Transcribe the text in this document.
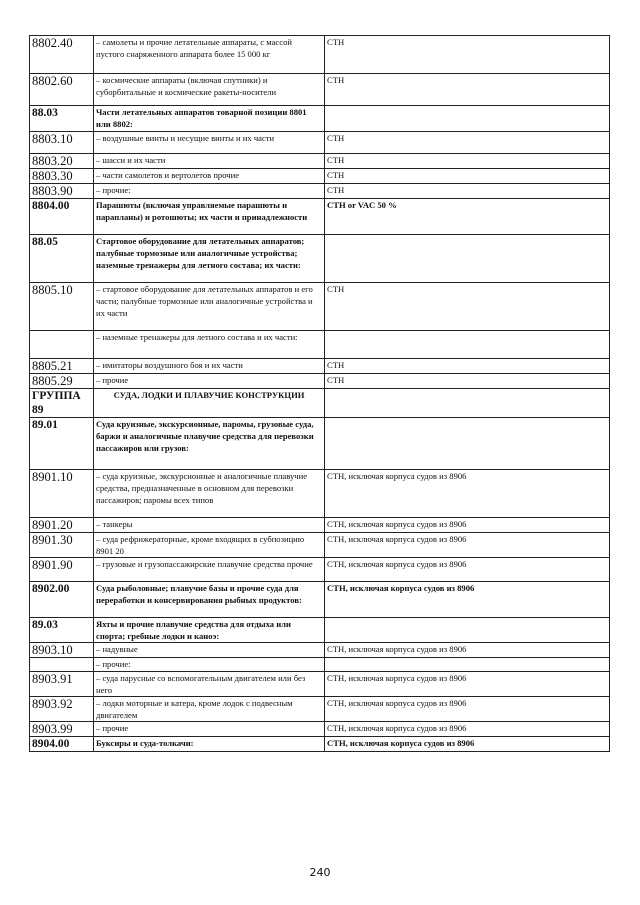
8802.40	– самолеты и прочие летательные аппараты, с массой пустого снаряженного аппарата более 15 000 кг	СТН
8802.60	– космические аппараты (включая спутники) и суборбитальные и космические ракеты-носители	СТН
88.03	Части летательных аппаратов товарной позиции 8801 или 8802:	
8803.10	– воздушные винты и несущие винты и их части	СТН
8803.20	– шасси и их части	СТН
8803.30	– части самолетов и вертолетов прочие	СТН
8803.90	– прочие:	СТН
8804.00	Парашюты (включая управляемые парашюты и парапланы) и ротошюты; их части и принадлежности	СТН or VAC 50 %
88.05	Стартовое оборудование для летательных аппаратов; палубные тормозные или аналогичные устройства; наземные тренажеры для летного состава; их части:	
8805.10	– стартовое оборудование для летательных аппаратов и его части; палубные тормозные или аналогичные устройства и их части	СТН
	– наземные тренажеры для летного состава и их части:	
8805.21	– имитаторы воздушного боя и их части	СТН
8805.29	– прочие	СТН
ГРУППА 89	СУДА, ЛОДКИ И ПЛАВУЧИЕ КОНСТРУКЦИИ	
89.01	Суда круизные, экскурсионные, паромы, грузовые суда, баржи и аналогичные плавучие средства для перевозки пассажиров или грузов:	
8901.10	– суда круизные, экскурсионные и аналогичные плавучие средства, предназначенные в основном для перевозки пассажиров; паромы всех типов	СТН, исключая корпуса судов из 8906
8901.20	– танкеры	СТН, исключая корпуса судов из 8906
8901.30	– суда рефрижераторные, кроме входящих в субпозицию 8901 20	СТН, исключая корпуса судов из 8906
8901.90	– грузовые и грузопассажирские плавучие средства прочие	СТН, исключая корпуса судов из 8906
8902.00	Суда рыболовные; плавучие базы и прочие суда для переработки и консервирования рыбных продуктов:	СТН, исключая корпуса судов из 8906
89.03	Яхты и прочие плавучие средства для отдыха или спорта; гребные лодки и каноэ:	
8903.10	– надувные	СТН, исключая корпуса судов из 8906
	– прочие:	
8903.91	– суда парусные со вспомогательным двигателем или без него	СТН, исключая корпуса судов из 8906
8903.92	– лодки моторные и катера, кроме лодок с подвесным двигателем	СТН, исключая корпуса судов из 8906
8903.99	– прочие	СТН, исключая корпуса судов из 8906
8904.00	Буксиры и суда-толкачи:	СТН, исключая корпуса судов из 8906
240
